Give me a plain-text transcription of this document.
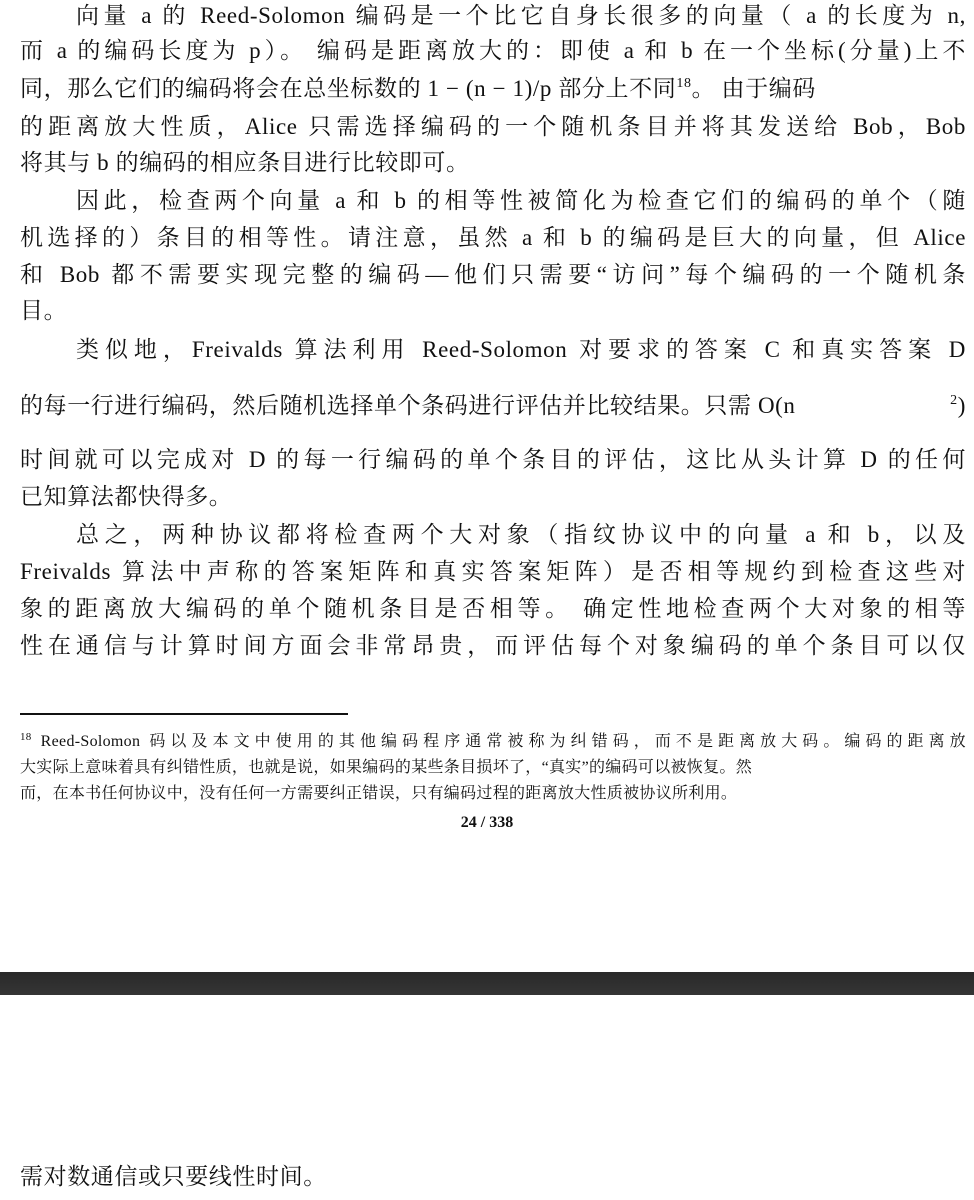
向量 a 的 Reed-Solomon 编码是一个比它自身长很多的向量（ a 的长度为 n,
而 a 的编码长度为 p）。 编码是距离放大的：即使 a 和 b 在一个坐标(分量)上不
同，那么它们的编码将会在总坐标数的 1 − (n − 1)/p 部分上不同$^{18}$。 由于编码
的距离放大性质，Alice 只需选择编码的一个随机条目并将其发送给 Bob，Bob
将其与 b 的编码的相应条目进行比较即可。
因此，检查两个向量 a 和 b 的相等性被简化为检查它们的编码的单个（随
机选择的）条目的相等性。请注意，虽然 a 和 b 的编码是巨大的向量，但 Alice
和 Bob 都不需要实现完整的编码—他们只需要“访问”每个编码的一个随机条
目。
类似地，Freivalds 算法利用 Reed-Solomon 对要求的答案 C 和真实答案 D
的每一行进行编码，然后随机选择单个条码进行评估并比较结果。只需 O(n	$^2$)
时间就可以完成对 D 的每一行编码的单个条目的评估，这比从头计算 D 的任何
已知算法都快得多。
总之，两种协议都将检查两个大对象（指纹协议中的向量 a 和 b，以及
Freivalds 算法中声称的答案矩阵和真实答案矩阵）是否相等规约到检查这些对
象的距离放大编码的单个随机条目是否相等。 确定性地检查两个大对象的相等
性在通信与计算时间方面会非常昂贵，而评估每个对象编码的单个条目可以仅
$^{18}$ Reed-Solomon 码以及本文中使用的其他编码程序通常被称为纠错码，而不是距离放大码。编码的距离放
大实际上意味着具有纠错性质，也就是说，如果编码的某些条目损坏了，“真实”的编码可以被恢复。然
而，在本书任何协议中，没有任何一方需要纠正错误，只有编码过程的距离放大性质被协议所利用。
24 / 338
需对数通信或只要线性时间。
